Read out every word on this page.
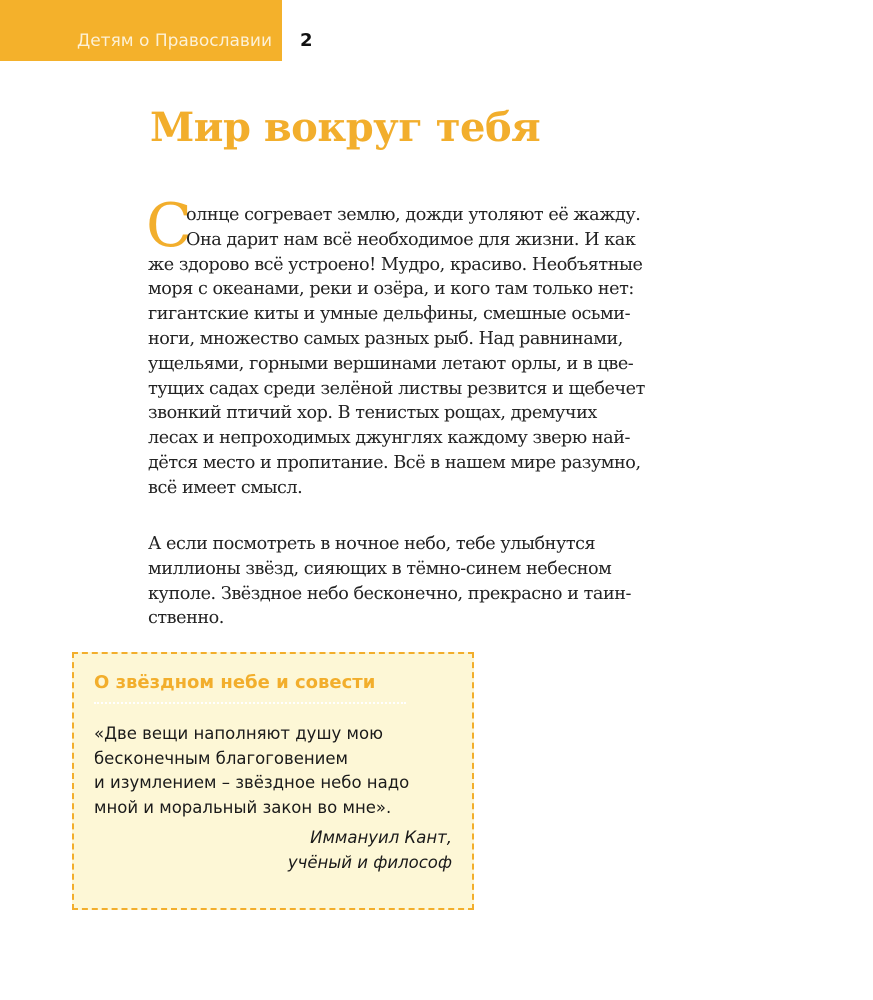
Детям о Православии 2
Мир вокруг тебя
С
олнце согревает землю, дожди утоляют её жажду.
Она дарит нам всё необходимое для жизни. И как
же здорово всё устроено! Мудро, красиво. Необъятные
моря с океанами, реки и озёра, и кого там только нет:
гигантские киты и умные дельфины, смешные осьми-
ноги, множество самых разных рыб. Над равнинами,
ущельями, горными вершинами летают орлы, и в цве-
тущих садах среди зелёной листвы резвится и щебечет
звонкий птичий хор. В тенистых рощах, дремучих
лесах и непроходимых джунглях каждому зверю най-
дётся место и пропитание. Всё в нашем мире разумно,
всё имеет смысл.
А если посмотреть в ночное небо, тебе улыбнутся
миллионы звёзд, сияющих в тёмно-синем небесном
куполе. Звёздное небо бесконечно, прекрасно и таин-
ственно.
О звёздном небе и совести
«Две вещи наполняют душу мою
бесконечным благоговением
и изумлением – звёздное небо надо
мной и моральный закон во мне».
Иммануил Кант,
учёный и философ
